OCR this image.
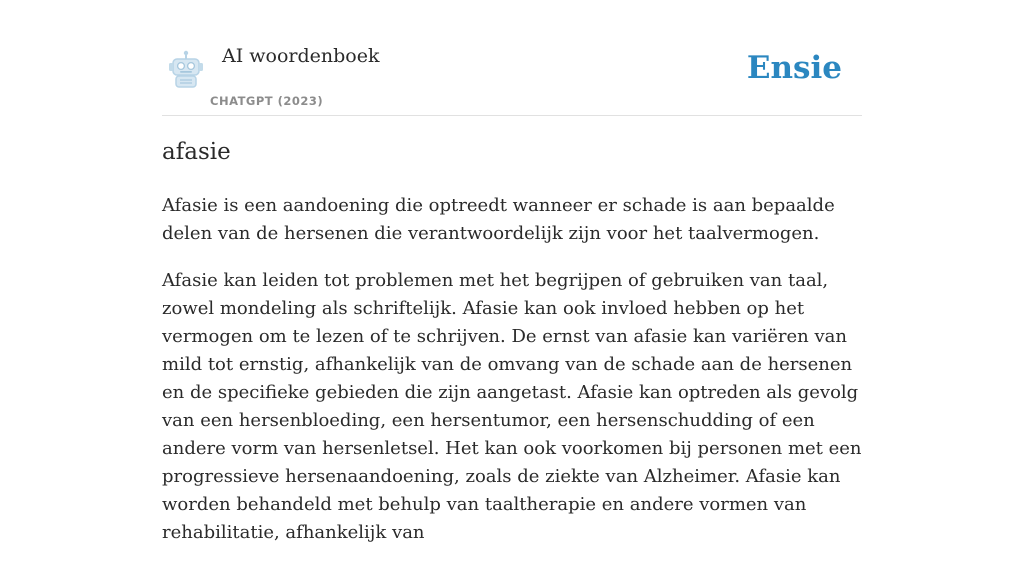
AI woordenboek
CHATGPT (2023)
Ensie
afasie

Afasie is een aandoening die optreedt wanneer er schade is aan bepaalde delen van de hersenen die verantwoordelijk zijn voor het taalvermogen.

Afasie kan leiden tot problemen met het begrijpen of gebruiken van taal, zowel mondeling als schriftelijk. Afasie kan ook invloed hebben op het vermogen om te lezen of te schrijven. De ernst van afasie kan variëren van mild tot ernstig, afhankelijk van de omvang van de schade aan de hersenen en de specifieke gebieden die zijn aangetast. Afasie kan optreden als gevolg van een hersenbloeding, een hersentumor, een hersenschudding of een andere vorm van hersenletsel. Het kan ook voorkomen bij personen met een progressieve hersenaandoening, zoals de ziekte van Alzheimer. Afasie kan worden behandeld met behulp van taaltherapie en andere vormen van rehabilitatie, afhankelijk van
